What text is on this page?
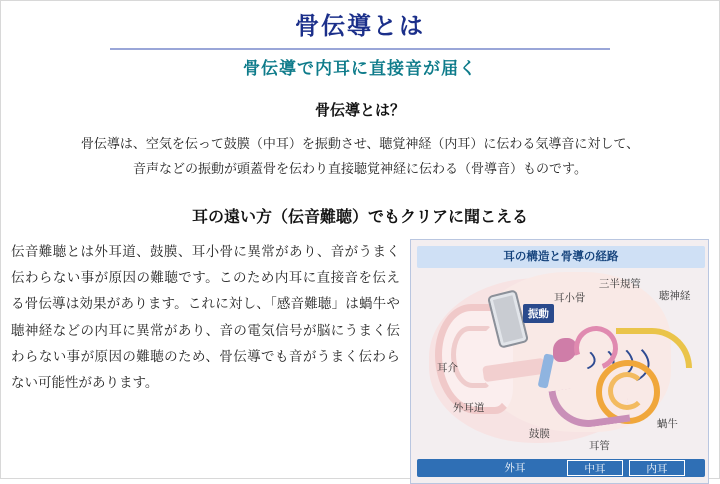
骨伝導とは
骨伝導で内耳に直接音が届く
骨伝導とは？
骨伝導は、空気を伝って鼓膜（中耳）を振動させ、聴覚神経（内耳）に伝わる気導音に対して、
音声などの振動が頭蓋骨を伝わり直接聴覚神経に伝わる（骨導音）ものです。
耳の遠い方（伝音難聴）でもクリアに聞こえる
伝音難聴とは外耳道、鼓膜、耳小骨に異常があり、音がうまく伝わらない事が原因の難聴です。このため内耳に直接音を伝える骨伝導は効果があります。これに対し、「感音難聴」は蝸牛や聴神経などの内耳に異常があり、音の電気信号が脳にうまく伝わらない事が原因の難聴のため、骨伝導でも音がうまく伝わらない可能性があります。
耳の構造と骨導の経路
振動
耳介
外耳道
鼓膜
耳小骨
三半規管
聴神経
蝸牛
耳管
外耳	中耳	内耳
